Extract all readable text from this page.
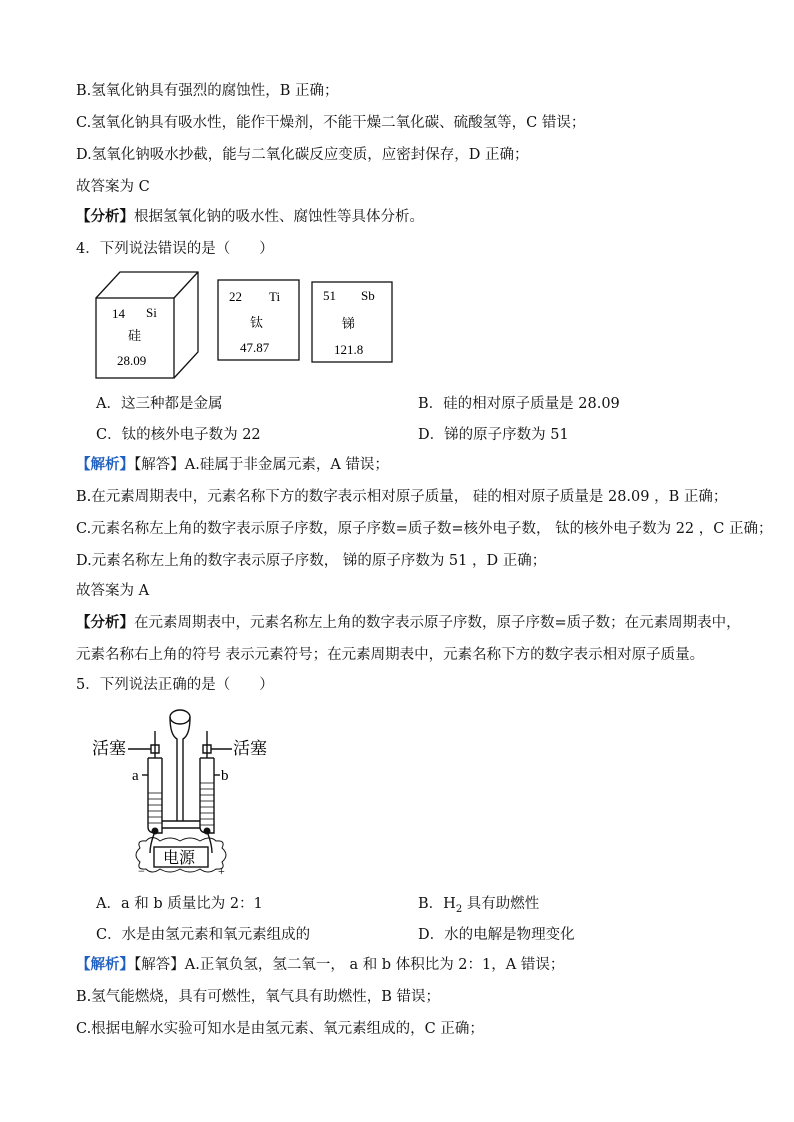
B.氢氧化钠具有强烈的腐蚀性，B 正确；
C.氢氧化钠具有吸水性，能作干燥剂，不能干燥二氧化碳、硫酸氢等，C 错误；
D.氢氧化钠吸水抄截，能与二氧化碳反应变质，应密封保存，D 正确；
故答案为 C
【分析】根据氢氧化钠的吸水性、腐蚀性等具体分析。
4．下列说法错误的是（　　）
14 Si
硅
28.09
22 Ti
钛
47.87
51 Sb
锑
121.8
A．这三种都是金属	B．硅的相对原子质量是 28.09
C．钛的核外电子数为 22	D．锑的原子序数为 51
【解析】【解答】A.硅属于非金属元素，A 错误；
B.在元素周期表中，元素名称下方的数字表示相对原子质量， 硅的相对原子质量是 28.09 ，B 正确；
C.元素名称左上角的数字表示原子序数，原子序数=质子数=核外电子数， 钛的核外电子数为 22 ，C 正确；
D.元素名称左上角的数字表示原子序数， 锑的原子序数为 51 ，D 正确；
故答案为 A
【分析】在元素周期表中，元素名称左上角的数字表示原子序数，原子序数=质子数；在元素周期表中，
元素名称右上角的符号 表示元素符号；在元素周期表中，元素名称下方的数字表示相对原子质量。
5．下列说法正确的是（　　）
活塞	活塞
a	b
电源
−	+
A．a 和 b 质量比为 2：1	B．$H_2$ 具有助燃性
C．水是由氢元素和氧元素组成的	D．水的电解是物理变化
【解析】【解答】A.正氧负氢，氢二氧一， a 和 b 体积比为 2：1，A 错误；
B.氢气能燃烧，具有可燃性，氧气具有助燃性，B 错误；
C.根据电解水实验可知水是由氢元素、氧元素组成的，C 正确；
